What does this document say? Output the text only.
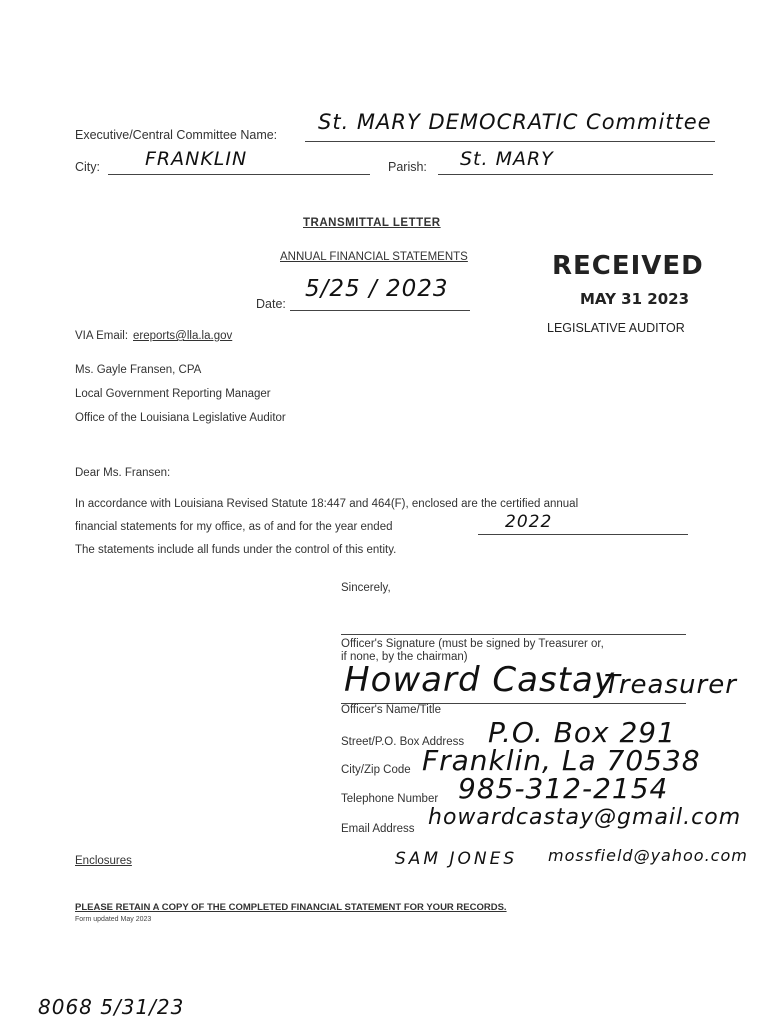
Executive/Central Committee Name:
St. MARY DEMOCRATIC Committee
City: FRANKLIN	Parish: St. MARY
TRANSMITTAL LETTER
ANNUAL FINANCIAL STATEMENTS
Date:
5/25 / 2023
RECEIVED
MAY 31 2023
LEGISLATIVE AUDITOR
VIA Email: ereports@lla.la.gov
Ms. Gayle Fransen, CPA
Local Government Reporting Manager
Office of the Louisiana Legislative Auditor
Dear Ms. Fransen:
In accordance with Louisiana Revised Statute 18:447 and 464(F), enclosed are the certified annual
financial statements for my office, as of and for the year ended	2022
The statements include all funds under the control of this entity.
Sincerely,
Officer's Signature (must be signed by Treasurer or,
if none, by the chairman)
Howard Castay
Treasurer
Officer's Name/Title
Street/P.O. Box Address P.O. Box 291
City/Zip Code Franklin, La 70538
Telephone Number 985-312-2154
Email Address howardcastay@gmail.com
SAM JONES mossfield@yahoo.com
Enclosures
PLEASE RETAIN A COPY OF THE COMPLETED FINANCIAL STATEMENT FOR YOUR RECORDS.
Form updated May 2023
8068 5/31/23
